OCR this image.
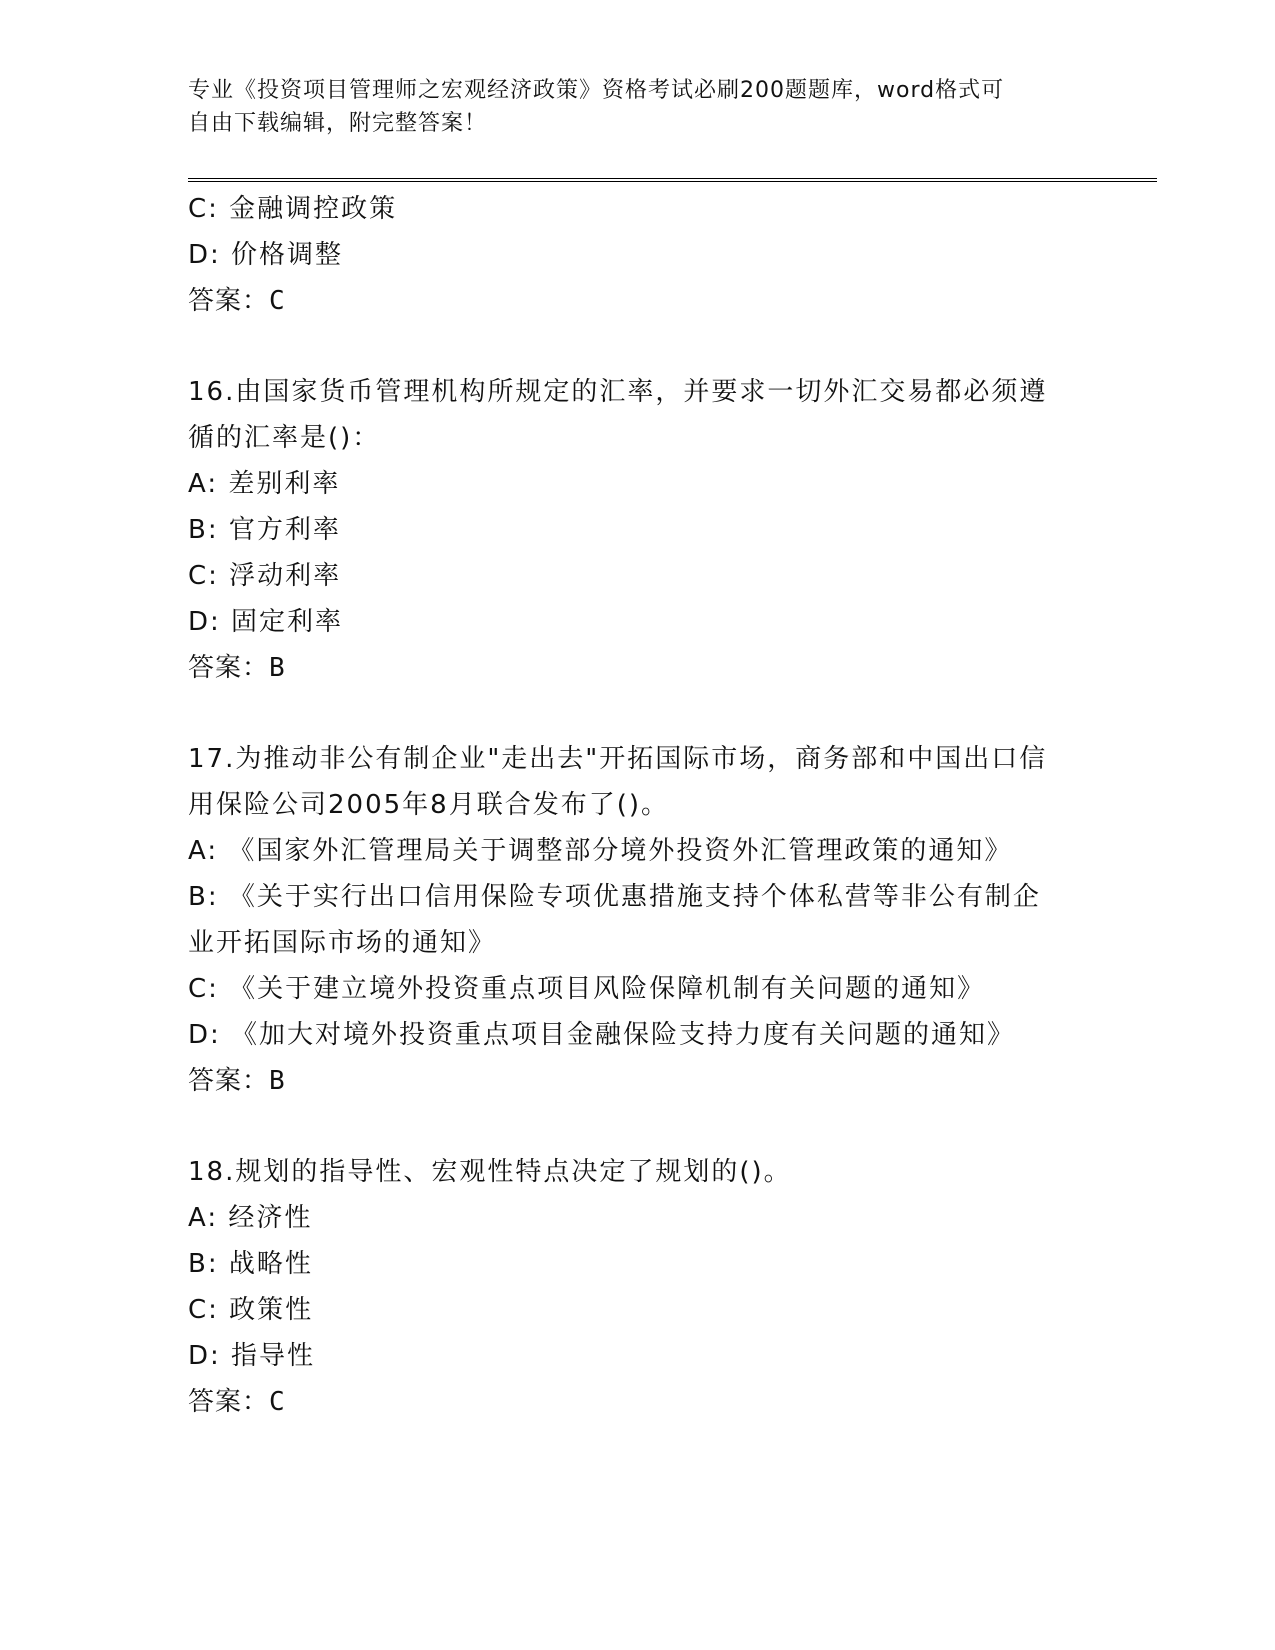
专业《投资项目管理师之宏观经济政策》资格考试必刷200题题库，word格式可
自由下载编辑，附完整答案！
C: 金融调控政策
D: 价格调整
答案：C
16.由国家货币管理机构所规定的汇率，并要求一切外汇交易都必须遵
循的汇率是()：
A: 差别利率
B: 官方利率
C: 浮动利率
D: 固定利率
答案：B
17.为推动非公有制企业"走出去"开拓国际市场，商务部和中国出口信
用保险公司2005年8月联合发布了()。
A: 《国家外汇管理局关于调整部分境外投资外汇管理政策的通知》
B: 《关于实行出口信用保险专项优惠措施支持个体私营等非公有制企
业开拓国际市场的通知》
C: 《关于建立境外投资重点项目风险保障机制有关问题的通知》
D: 《加大对境外投资重点项目金融保险支持力度有关问题的通知》
答案：B
18.规划的指导性、宏观性特点决定了规划的()。
A: 经济性
B: 战略性
C: 政策性
D: 指导性
答案：C
